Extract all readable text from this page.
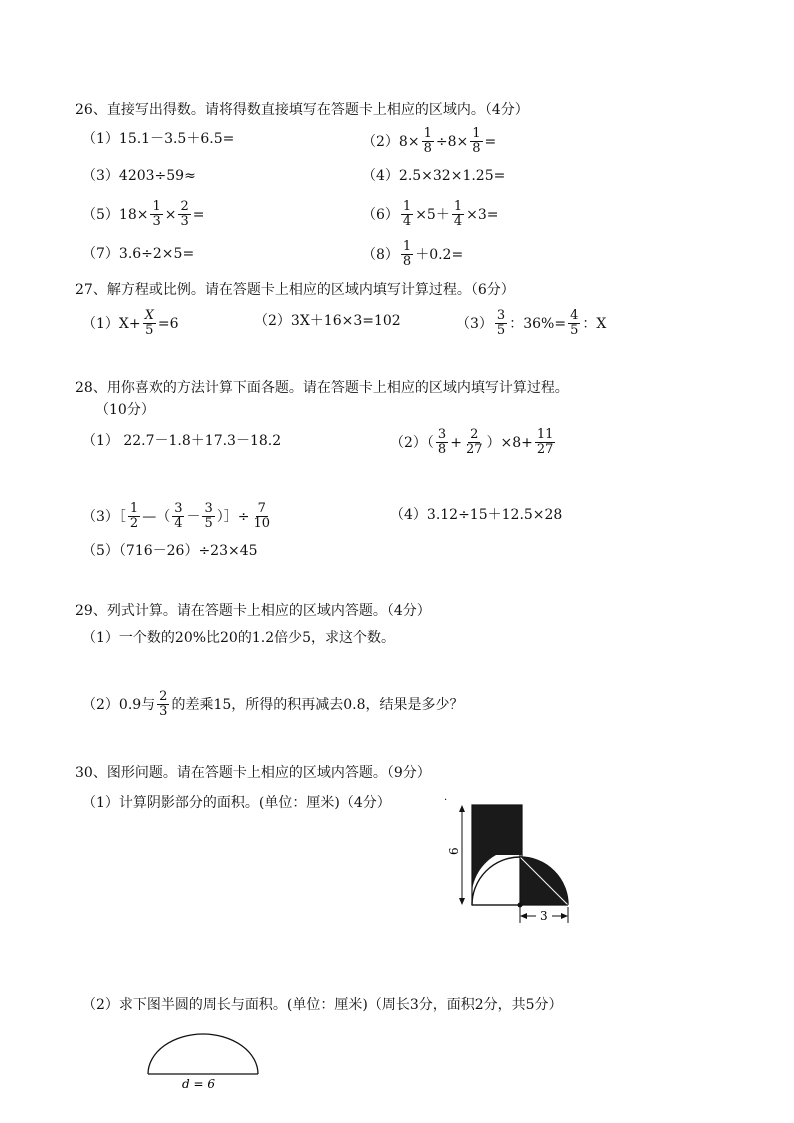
26、直接写出得数。请将得数直接填写在答题卡上相应的区域内。（4分）
（1）15.1－3.5＋6.5=	$(2)8\times \frac{1}{8} \div 8\times \frac{1}{8}$ =
（3）4203÷59≈	（4）2.5×32×1.25=
$(5)18\times \frac{1}{3} \times \frac{2}{3}$ =	$(6) \frac{1}{4} \times 5+ \frac{1}{4} \times 3=$
（7）3.6÷2×5=	$(8) \frac{1}{8} +0.2=$
27、解方程或比例。请在答题卡上相应的区域内填写计算过程。（6分）
$(1)X+ \frac{X}{5} =6$	（2）3X＋16×3=102	$(3) \frac{3}{5}$ ：$36\%= \frac{4}{5}$ ：X
28、用你喜欢的方法计算下面各题。请在答题卡上相应的区域内填写计算过程。
（10分）
（1） 22.7－1.8＋17.3－18.2	$(2)( \frac{3}{8} + \frac{2}{27} )\times 8+ \frac{11}{27}$
（3）［ $\frac{1}{2}$ —（ $\frac{3}{4} - \frac{3}{5}$ ）］÷ $\frac{7}{10}$	（4）3.12÷15＋12.5×28
（5）（716－26）÷23×45
29、列式计算。请在答题卡上相应的区域内答题。（4分）
（1）一个数的20%比20的1.2倍少5，求这个数。
（2）0.9与 $\frac{2}{3}$ 的差乘15，所得的积再减去0.8，结果是多少？
30、图形问题。请在答题卡上相应的区域内答题。（9分）
（1）计算阴影部分的面积。(单位：厘米)（4分）
6
3
·
（2）求下图半圆的周长与面积。(单位：厘米)（周长3分，面积2分，共5分）
d = 6
